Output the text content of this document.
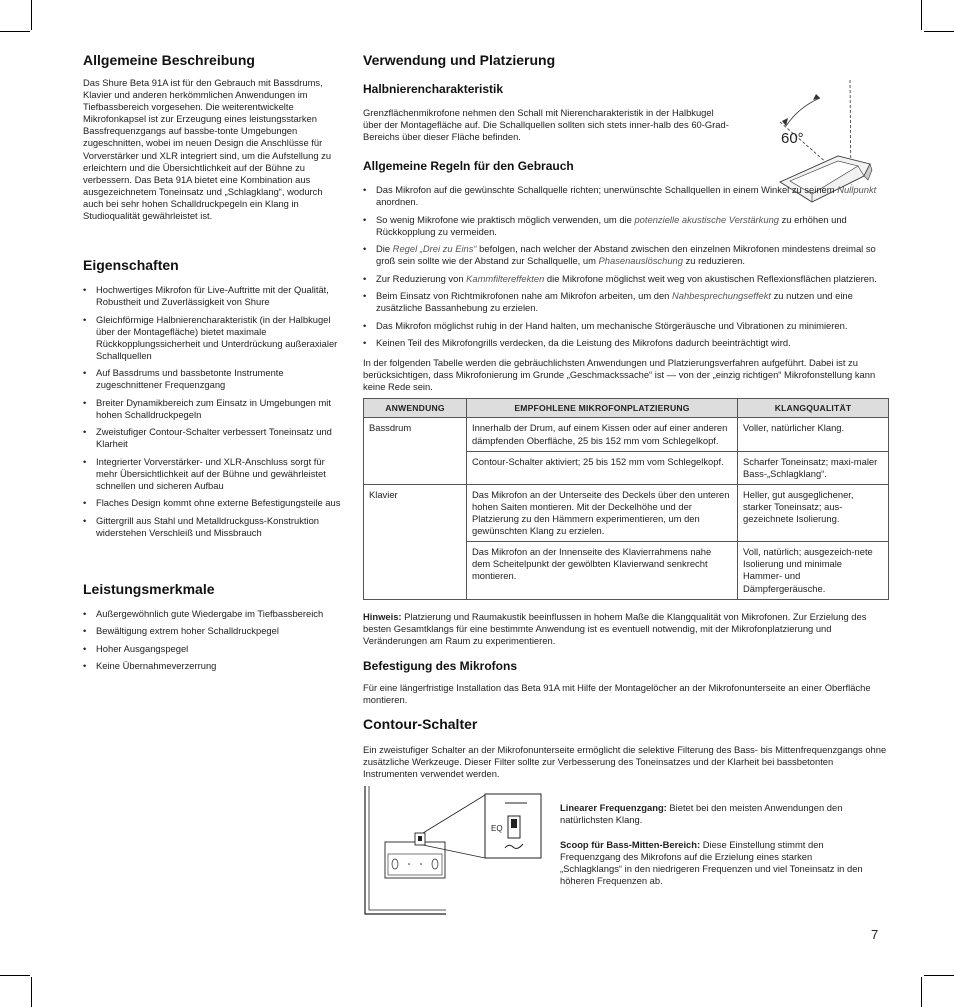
Allgemeine Beschreibung

Das Shure Beta 91A ist für den Gebrauch mit Bassdrums, Klavier und anderen herkömmlichen Anwendungen im Tiefbassbereich vorgesehen. Die weiterentwickelte Mikrofonkapsel ist zur Erzeugung eines leistungsstarken Bassfrequenzgangs auf bassbe-tonte Umgebungen zugeschnitten, wobei im neuen Design die Anschlüsse für Vorverstärker und XLR integriert sind, um die Aufstellung zu erleichtern und die Übersichtlichkeit auf der Bühne zu verbessern. Das Beta 91A bietet eine Kombination aus ausgezeichnetem Toneinsatz und „Schlagklang“, wodurch auch bei sehr hohen Schalldruckpegeln ein Klang in Studioqualität gewährleistet ist.

Eigenschaften
• Hochwertiges Mikrofon für Live-Auftritte mit der Qualität, Robustheit und Zuverlässigkeit von Shure
• Gleichförmige Halbnierencharakteristik (in der Halbkugel über der Montagefläche) bietet maximale Rückkopplungssicherheit und Unterdrückung außeraxialer Schallquellen
• Auf Bassdrums und bassbetonte Instrumente zugeschnittener Frequenzgang
• Breiter Dynamikbereich zum Einsatz in Umgebungen mit hohen Schalldruckpegeln
• Zweistufiger Contour-Schalter verbessert Toneinsatz und Klarheit
• Integrierter Vorverstärker- und XLR-Anschluss sorgt für mehr Übersichtlichkeit auf der Bühne und gewährleistet schnellen und sicheren Aufbau
• Flaches Design kommt ohne externe Befestigungsteile aus
• Gittergrill aus Stahl und Metalldruckguss-Konstruktion widerstehen Verschleiß und Missbrauch
Leistungsmerkmale
• Außergewöhnlich gute Wiedergabe im Tiefbassbereich
• Bewältigung extrem hoher Schalldruckpegel
• Hoher Ausgangspegel
• Keine Übernahmeverzerrung
Verwendung und Platzierung
Halbnierencharakteristik

Grenzflächenmikrofone nehmen den Schall mit Nierencharakteristik in der Halbkugel über der Montagefläche auf. Die Schallquellen sollten sich stets inner-halb des 60-Grad-Bereichs über dieser Fläche befinden.	60°
Allgemeine Regeln für den Gebrauch
• Das Mikrofon auf die gewünschte Schallquelle richten; unerwünschte Schallquellen in einem Winkel zu seinem Nullpunkt anordnen.
• So wenig Mikrofone wie praktisch möglich verwenden, um die potenzielle akustische Verstärkung zu erhöhen und Rückkopplung zu vermeiden.
• Die Regel „Drei zu Eins“ befolgen, nach welcher der Abstand zwischen den einzelnen Mikrofonen mindestens dreimal so groß sein sollte wie der Abstand zur Schallquelle, um Phasenauslöschung zu reduzieren.
• Zur Reduzierung von Kammfiltereffekten die Mikrofone möglichst weit weg von akustischen Reflexionsflächen platzieren.
• Beim Einsatz von Richtmikrofonen nahe am Mikrofon arbeiten, um den Nahbesprechungseffekt zu nutzen und eine zusätzliche Bassanhebung zu erzielen.
• Das Mikrofon möglichst ruhig in der Hand halten, um mechanische Störgeräusche und Vibrationen zu minimieren.
• Keinen Teil des Mikrofongrills verdecken, da die Leistung des Mikrofons dadurch beeinträchtigt wird.

In der folgenden Tabelle werden die gebräuchlichsten Anwendungen und Platzierungsverfahren aufgeführt. Dabei ist zu berücksichtigen, dass Mikrofonierung im Grunde „Geschmackssache“ ist — von der „einzig richtigen“ Mikrofonstellung kann keine Rede sein.

ANWENDUNG	EMPFOHLENE MIKROFONPLATZIERUNG	KLANGQUALITÄT
Bassdrum	Innerhalb der Drum, auf einem Kissen oder auf einer anderen dämpfenden Oberfläche, 25 bis 152 mm vom Schlegelkopf.	Voller, natürlicher Klang.
	Contour-Schalter aktiviert; 25 bis 152 mm vom Schlegelkopf.	Scharfer Toneinsatz; maxi-maler Bass-„Schlagklang“.
Klavier	Das Mikrofon an der Unterseite des Deckels über den unteren hohen Saiten montieren. Mit der Deckelhöhe und der Platzierung zu den Hämmern experimentieren, um den gewünschten Klang zu erzielen.	Heller, gut ausgeglichener, starker Toneinsatz; aus-gezeichnete Isolierung.
	Das Mikrofon an der Innenseite des Klavierrahmens nahe dem Scheitelpunkt der gewölbten Klavierwand senkrecht montieren.	Voll, natürlich; ausgezeich-nete Isolierung und minimale Hammer- und Dämpfergeräusche.

Hinweis: Platzierung und Raumakustik beeinflussen in hohem Maße die Klangqualität von Mikrofonen. Zur Erzielung des besten Gesamtklangs für eine bestimmte Anwendung ist es eventuell notwendig, mit der Mikrofonplatzierung und Veränderungen am Raum zu experimentieren.

Befestigung des Mikrofons

Für eine längerfristige Installation das Beta 91A mit Hilfe der Montagelöcher an der Mikrofonunterseite an einer Oberfläche montieren.

Contour-Schalter

Ein zweistufiger Schalter an der Mikrofonunterseite ermöglicht die selektive Filterung des Bass- bis Mittenfrequenzgangs ohne zusätzliche Werkzeuge. Dieser Filter sollte zur Verbesserung des Toneinsatzes und der Klarheit bei bassbetonten Instrumenten verwendet werden.

EQ

Linearer Frequenzgang: Bietet bei den meisten Anwendungen den natürlichsten Klang.

Scoop für Bass-Mitten-Bereich: Diese Einstellung stimmt den Frequenzgang des Mikrofons auf die Erzielung eines starken „Schlagklangs“ in den niedrigeren Frequenzen und viel Toneinsatz in den höheren Frequenzen ab.

7
